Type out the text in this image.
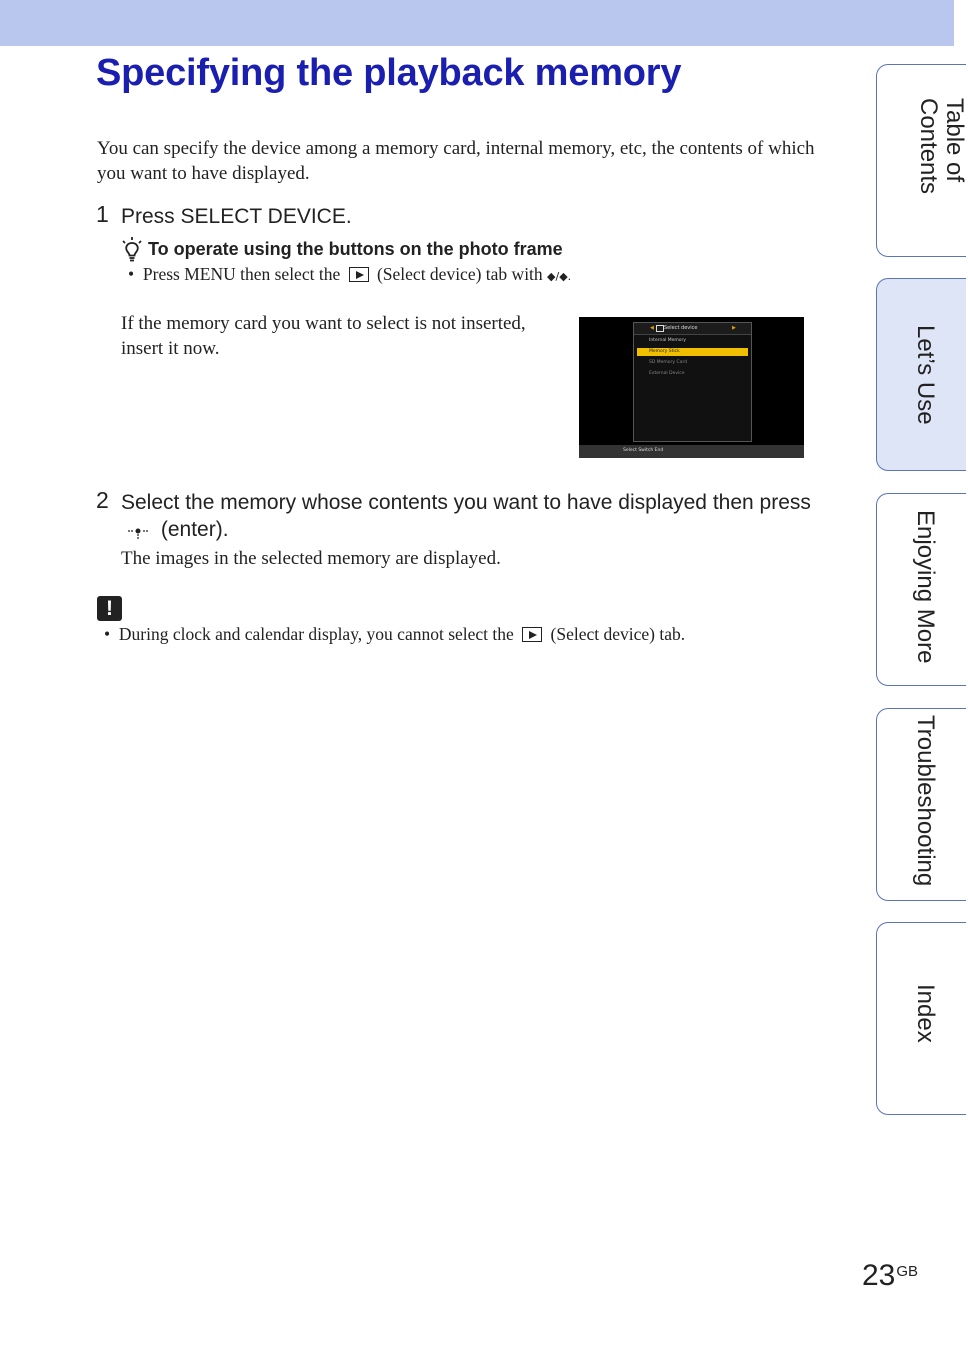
Specifying the playback memory

You can specify the device among a memory card, internal memory, etc, the contents of which you want to have displayed.

1 Press SELECT DEVICE.
To operate using the buttons on the photo frame
•  Press MENU then select the (Select device) tab with ◆/◆.

If the memory card you want to select is not inserted, insert it now.

◀ Select device	▶
Internal Memory
Memory Stick
SD Memory Card
External Device
Select Switch End
2 Select the memory whose contents you want to have displayed then press  (enter).
The images in the selected memory are displayed.
!
•  During clock and calendar display, you cannot select the (Select device) tab.
Table of
Contents
Let’s Use
Enjoying More
Troubleshooting
Index
$23^{GB}$
